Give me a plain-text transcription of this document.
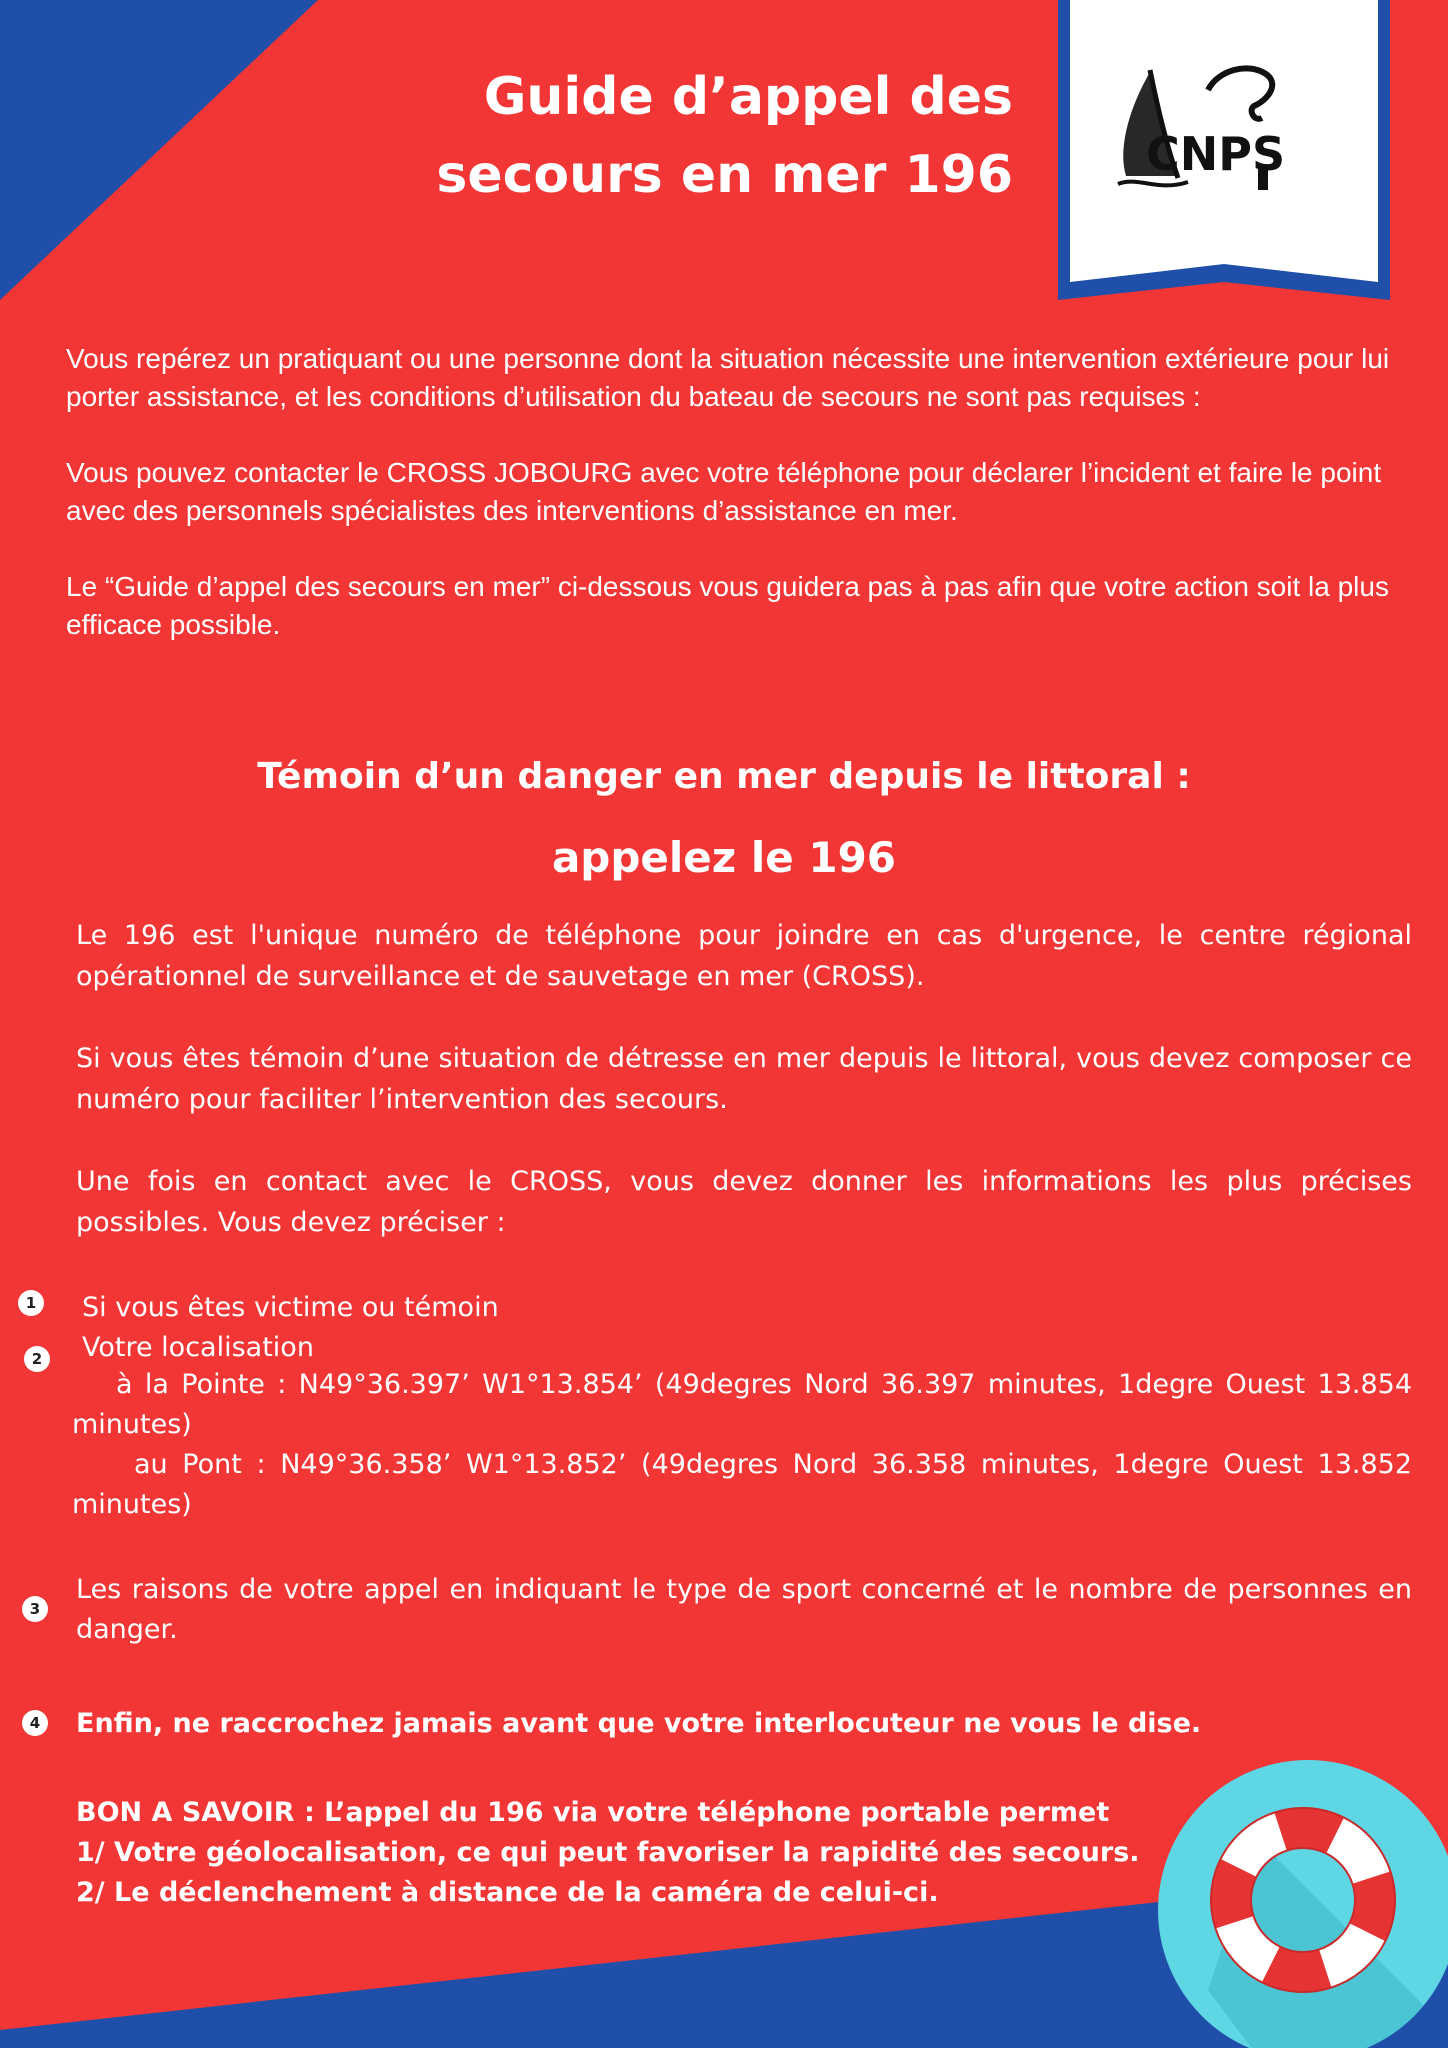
Guide d’appel des
secours en mer 196	CNPS

Vous repérez un pratiquant ou une personne dont la situation nécessite une intervention extérieure pour lui porter assistance, et les conditions d’utilisation du bateau de secours ne sont pas requises :

Vous pouvez contacter le CROSS JOBOURG avec votre téléphone pour déclarer l’incident et faire le point avec des personnels spécialistes des interventions d’assistance en mer.

Le “Guide d’appel des secours en mer” ci-dessous vous guidera pas à pas afin que votre action soit la plus efficace possible.

Témoin d’un danger en mer depuis le littoral :
appelez le 196

Le 196 est l'unique numéro de téléphone pour joindre en cas d'urgence, le centre régional opérationnel de surveillance et de sauvetage en mer (CROSS).

Si vous êtes témoin d’une situation de détresse en mer depuis le littoral, vous devez composer ce numéro pour faciliter l’intervention des secours.

Une fois en contact avec le CROSS, vous devez donner les informations les plus précises possibles. Vous devez préciser :

1 Si vous êtes victime ou témoin

2 Votre localisation

à la Pointe : N49°36.397’ W1°13.854’ (49degres Nord 36.397 minutes, 1degre Ouest 13.854 minutes)
au Pont : N49°36.358’ W1°13.852’ (49degres Nord 36.358 minutes, 1degre Ouest 13.852 minutes)
3

Les raisons de votre appel en indiquant le type de sport concerné et le nombre de personnes en danger.

4 Enfin, ne raccrochez jamais avant que votre interlocuteur ne vous le dise.

BON A SAVOIR : L’appel du 196 via votre téléphone portable permet
1/ Votre géolocalisation, ce qui peut favoriser la rapidité des secours.
2/ Le déclenchement à distance de la caméra de celui-ci.
